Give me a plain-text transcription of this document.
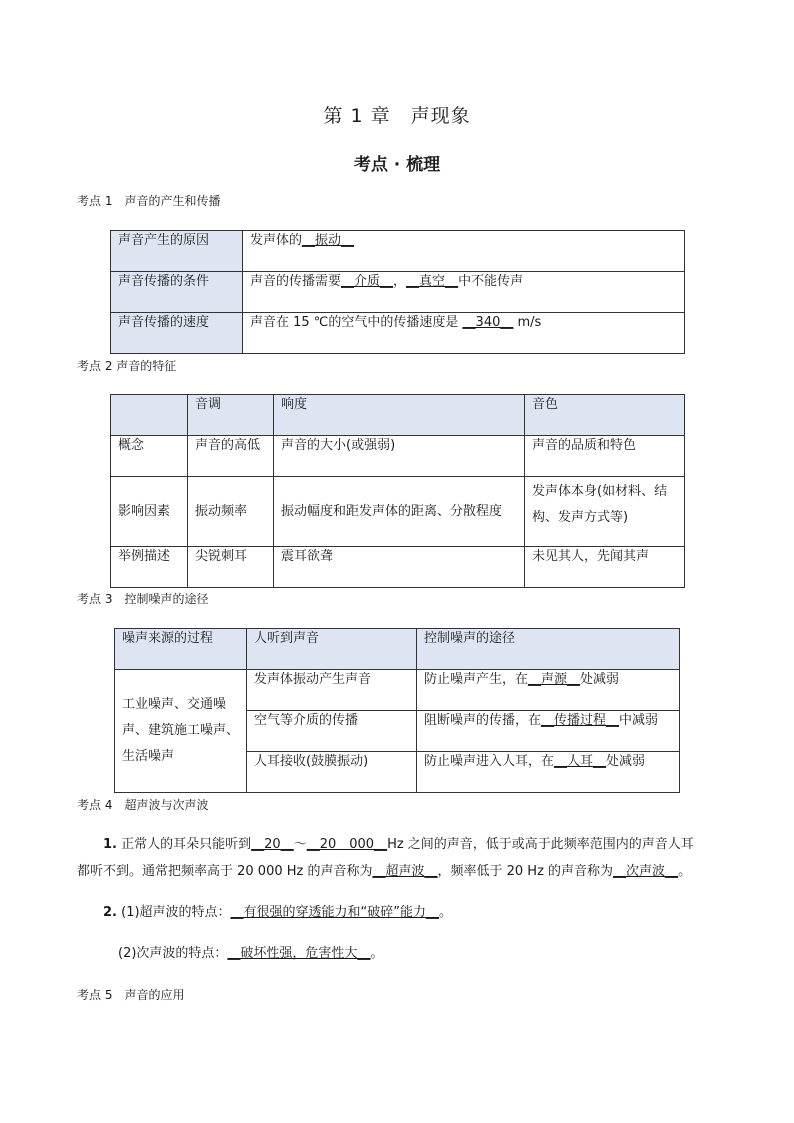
第 1 章　声现象
考点 · 梳理
考点 1　声音的产生和传播
声音产生的原因	发声体的__振动__
声音传播的条件	声音的传播需要__介质__，__真空__中不能传声
声音传播的速度	声音在 15 ℃的空气中的传播速度是 __340__ m/s
考点 2 声音的特征
	音调	响度	音色
概念	声音的高低	声音的大小(或强弱)	声音的品质和特色
影响因素	振动频率	振动幅度和距发声体的距离、分散程度	发声体本身(如材料、结构、发声方式等)
举例描述	尖锐刺耳	震耳欲聋	未见其人，先闻其声
考点 3　控制噪声的途径
噪声来源的过程	人听到声音	控制噪声的途径
工业噪声、交通噪声、建筑施工噪声、生活噪声	发声体振动产生声音	防止噪声产生，在__声源__处减弱
	空气等介质的传播	阻断噪声的传播，在__传播过程__中减弱
	人耳接收(鼓膜振动)	防止噪声进入人耳，在__人耳__处减弱
考点 4　超声波与次声波
1. 正常人的耳朵只能听到__20__～__20　000__Hz 之间的声音，低于或高于此频率范围内的声音人耳
都听不到。通常把频率高于 20 000 Hz 的声音称为__超声波__，频率低于 20 Hz 的声音称为__次声波__。
2. (1)超声波的特点：__有很强的穿透能力和“破碎”能力__。
(2)次声波的特点：__破坏性强，危害性大__。
考点 5　声音的应用
